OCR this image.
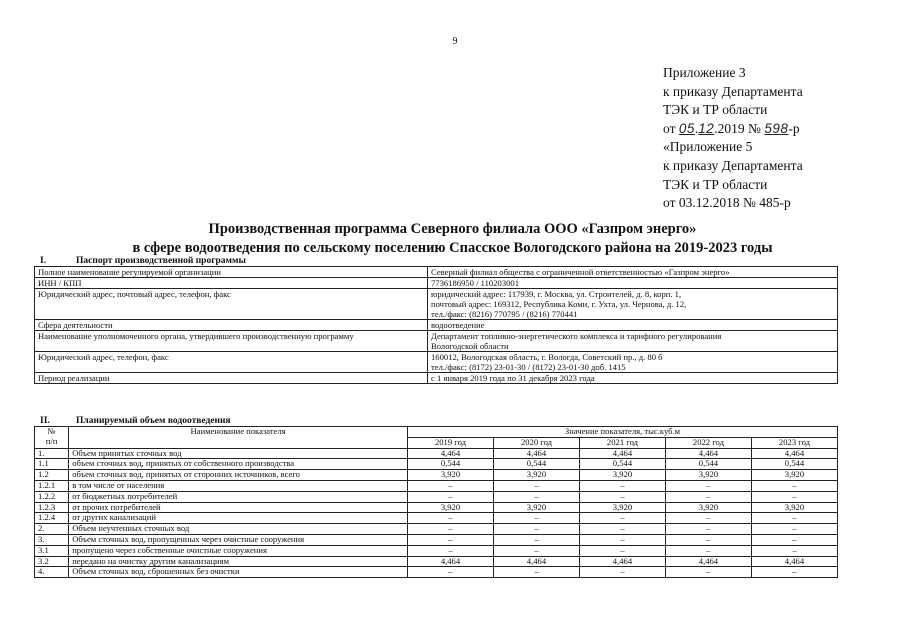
9
Приложение 3
к приказу Департамента
ТЭК и ТР области
от 05.12.2019 № 598-р
«Приложение 5
к приказу Департамента
ТЭК и ТР области
от 03.12.2018 № 485-р
Производственная программа Северного филиала ООО «Газпром энерго»
в сфере водоотведения по сельскому поселению Спасское Вологодского района на 2019-2023 годы
I.	Паспорт производственной программы
Полное наименование регулируемой организации	Северный филиал общества с ограниченной ответственностью «Газпром энерго»

ИНН / КПП	7736186950 / 110203001

Юридический адрес, почтовый адрес, телефон, факс	юридический адрес: 117939, г. Москва, ул. Строителей, д. 8, корп. 1,
почтовый адрес: 169312, Республика Коми, г. Ухта, ул. Чернова, д. 12,
тел./факс: (8216) 770795 / (8216) 770441

Сфера деятельности	водоотведение

Наименование уполномоченного органа, утвердившего производственную программу	Департамент топливно-энергетического комплекса и тарифного регулирования
Вологодской области

Юридический адрес, телефон, факс	160012, Вологодская область, г. Вологда, Советский пр., д. 80 б
тел./факс: (8172) 23-01-30 / (8172) 23-01-30 доб. 1415

Период реализации	с 1 января 2019 года по 31 декабря 2023 года
II.	Планируемый объем водоотведения
№
п/п	Наименование показателя	Значение показателя, тыс.куб.м				
		2019 год	2020 год	2021 год	2022 год	2023 год
1.	Объем принятых сточных вод	4,464	4,464	4,464	4,464	4,464
1.1	объем сточных вод, принятых от собственного производства	0,544	0,544	0,544	0,544	0,544
1.2	объем сточных вод, принятых от сторонних источников, всего	3,920	3,920	3,920	3,920	3,920
1.2.1	в том числе от населения	–	–	–	–	–
1.2.2	от бюджетных потребителей	–	–	–	–	–
1.2.3	от прочих потребителей	3,920	3,920	3,920	3,920	3,920
1.2.4	от других канализаций	–	–	–	–	–
2.	Объем неучтенных сточных вод	–	–	–	–	–
3.	Объем сточных вод, пропущенных через очистные сооружения	–	–	–	–	–
3.1	пропущено через собственные очистные сооружения	–	–	–	–	–
3.2	передано на очистку другим канализациям	4,464	4,464	4,464	4,464	4,464
4.	Объем сточных вод, сброшенных без очистки	–	–	–	–	–
